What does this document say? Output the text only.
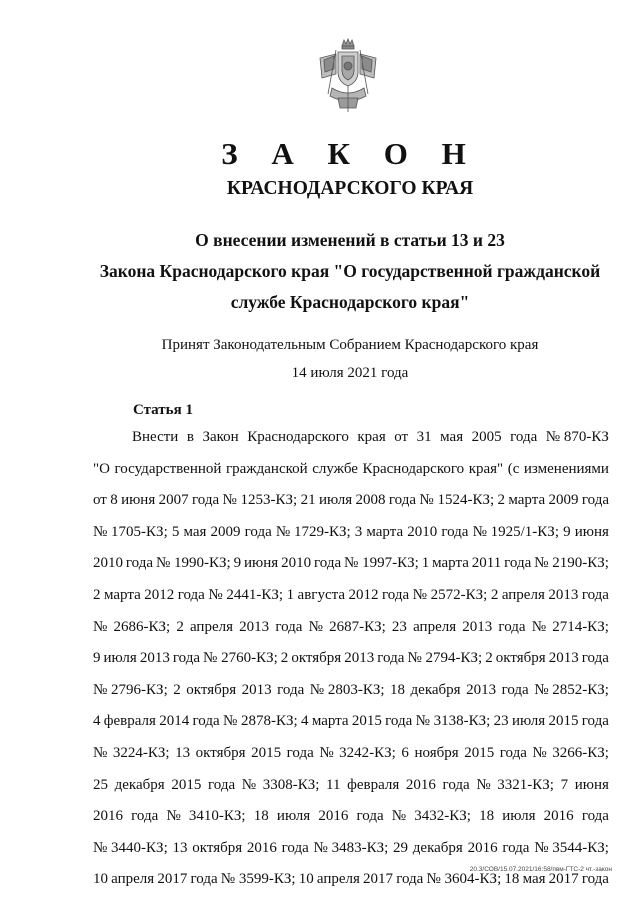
З А К О Н
КРАСНОДАРСКОГО КРАЯ
О внесении изменений в статьи 13 и 23
Закона Краснодарского края "О государственной гражданской
службе Краснодарского края"
Принят Законодательным Собранием Краснодарского края
14 июля 2021 года
Статья 1
Внести в Закон Краснодарского края от 31 мая 2005 года № 870-КЗ
"О государственной гражданской службе Краснодарского края" (с изменениями
от 8 июня 2007 года № 1253-КЗ; 21 июля 2008 года № 1524-КЗ; 2 марта 2009 года
№ 1705-КЗ; 5 мая 2009 года № 1729-КЗ; 3 марта 2010 года № 1925/1-КЗ; 9 июня
2010 года № 1990-КЗ; 9 июня 2010 года № 1997-КЗ; 1 марта 2011 года № 2190-КЗ;
2 марта 2012 года № 2441-КЗ; 1 августа 2012 года № 2572-КЗ; 2 апреля 2013 года
№ 2686-КЗ; 2 апреля 2013 года № 2687-КЗ; 23 апреля 2013 года № 2714-КЗ;
9 июля 2013 года № 2760-КЗ; 2 октября 2013 года № 2794-КЗ; 2 октября 2013 года
№ 2796-КЗ; 2 октября 2013 года № 2803-КЗ; 18 декабря 2013 года № 2852-КЗ;
4 февраля 2014 года № 2878-КЗ; 4 марта 2015 года № 3138-КЗ; 23 июля 2015 года
№ 3224-КЗ; 13 октября 2015 года № 3242-КЗ; 6 ноября 2015 года № 3266-КЗ;
25 декабря 2015 года № 3308-КЗ; 11 февраля 2016 года № 3321-КЗ; 7 июня
2016 года № 3410-КЗ; 18 июля 2016 года № 3432-КЗ; 18 июля 2016 года
№ 3440-КЗ; 13 октября 2016 года № 3483-КЗ; 29 декабря 2016 года № 3544-КЗ;
10 апреля 2017 года № 3599-КЗ; 10 апреля 2017 года № 3604-КЗ; 18 мая 2017 года
20.3/СОВ/15.07.2021/16:58/пвм-ГТС-2 чт.-закон
